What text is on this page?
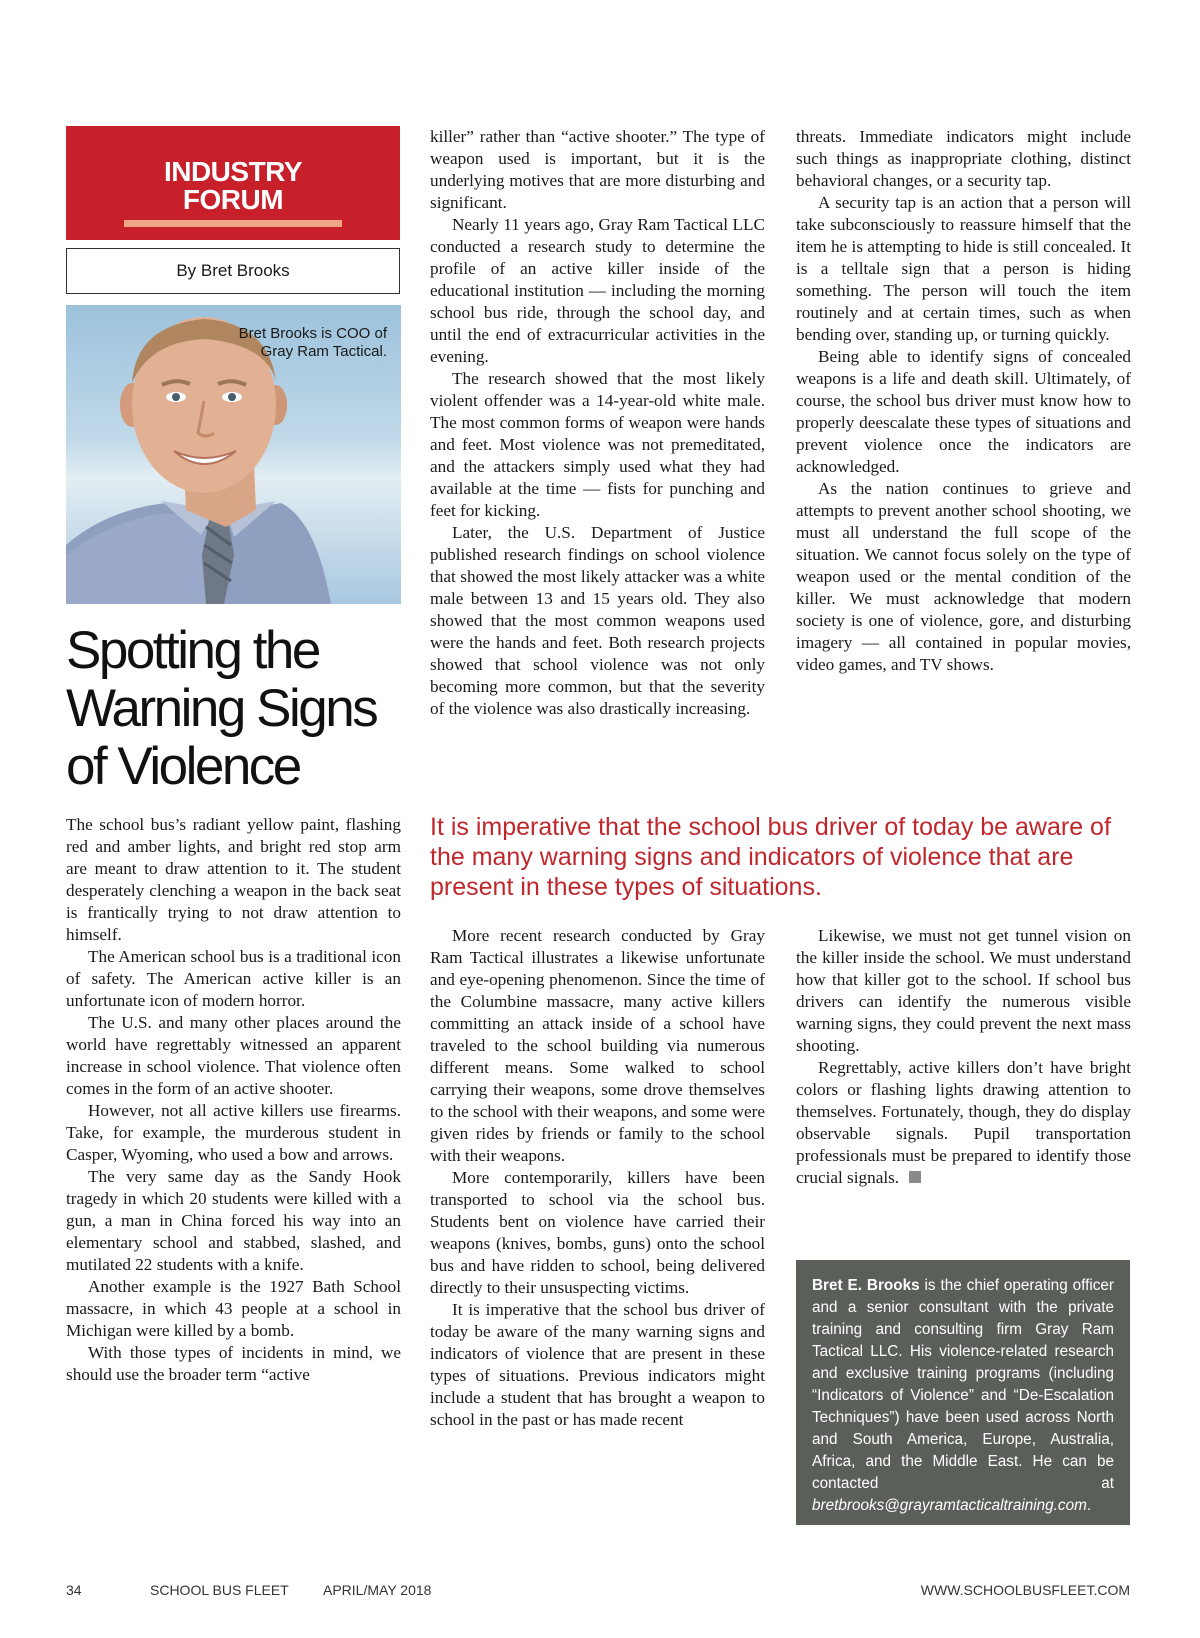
INDUSTRY
FORUM
By Bret Brooks
Bret Brooks is COO of Gray Ram Tactical.
Spotting the Warning Signs of Violence

The school bus’s radiant yellow paint, flashing red and amber lights, and bright red stop arm are meant to draw attention to it. The student desperately clenching a weapon in the back seat is frantically trying to not draw attention to himself.

The American school bus is a traditional icon of safety. The American active killer is an unfortunate icon of modern horror.

The U.S. and many other places around the world have regrettably witnessed an apparent increase in school violence. That violence often comes in the form of an active shooter.

However, not all active killers use firearms. Take, for example, the murderous student in Casper, Wyoming, who used a bow and arrows.

The very same day as the Sandy Hook tragedy in which 20 students were killed with a gun, a man in China forced his way into an elementary school and stabbed, slashed, and mutilated 22 students with a knife.

Another example is the 1927 Bath School massacre, in which 43 people at a school in Michigan were killed by a bomb.

With those types of incidents in mind, we should use the broader term “active

killer” rather than “active shooter.” The type of weapon used is important, but it is the underlying motives that are more disturbing and significant.

Nearly 11 years ago, Gray Ram Tactical LLC conducted a research study to determine the profile of an active killer inside of the educational institution — including the morning school bus ride, through the school day, and until the end of extracurricular activities in the evening.

The research showed that the most likely violent offender was a 14-year-old white male. The most common forms of weapon were hands and feet. Most violence was not premeditated, and the attackers simply used what they had available at the time — fists for punching and feet for kicking.

Later, the U.S. Department of Justice published research findings on school violence that showed the most likely attacker was a white male between 13 and 15 years old. They also showed that the most common weapons used were the hands and feet. Both research projects showed that school violence was not only becoming more common, but that the severity of the violence was also drastically increasing.

threats. Immediate indicators might include such things as inappropriate clothing, distinct behavioral changes, or a security tap.

A security tap is an action that a person will take subconsciously to reassure himself that the item he is attempting to hide is still concealed. It is a telltale sign that a person is hiding something. The person will touch the item routinely and at certain times, such as when bending over, standing up, or turning quickly.

Being able to identify signs of concealed weapons is a life and death skill. Ultimately, of course, the school bus driver must know how to properly deescalate these types of situations and prevent violence once the indicators are acknowledged.

As the nation continues to grieve and attempts to prevent another school shooting, we must all understand the full scope of the situation. We cannot focus solely on the type of weapon used or the mental condition of the killer. We must acknowledge that modern society is one of violence, gore, and disturbing imagery — all contained in popular movies, video games, and TV shows.

It is imperative that the school bus driver of today be aware of the many warning signs and indicators of violence that are present in these types of situations.

More recent research conducted by Gray Ram Tactical illustrates a likewise unfortunate and eye-opening phenomenon. Since the time of the Columbine massacre, many active killers committing an attack inside of a school have traveled to the school building via numerous different means. Some walked to school carrying their weapons, some drove themselves to the school with their weapons, and some were given rides by friends or family to the school with their weapons.

More contemporarily, killers have been transported to school via the school bus. Students bent on violence have carried their weapons (knives, bombs, guns) onto the school bus and have ridden to school, being delivered directly to their unsuspecting victims.

It is imperative that the school bus driver of today be aware of the many warning signs and indicators of violence that are present in these types of situations. Previous indicators might include a student that has brought a weapon to school in the past or has made recent

Likewise, we must not get tunnel vision on the killer inside the school. We must understand how that killer got to the school. If school bus drivers can identify the numerous visible warning signs, they could prevent the next mass shooting.

Regrettably, active killers don’t have bright colors or flashing lights drawing attention to themselves. Fortunately, though, they do display observable signals. Pupil transportation professionals must be prepared to identify those crucial signals.

Bret E. Brooks is the chief operating officer and a senior consultant with the private training and consulting firm Gray Ram Tactical LLC. His violence-related research and exclusive training programs (including “Indicators of Violence” and “De-Escalation Techniques”) have been used across North and South America, Europe, Australia, Africa, and the Middle East. He can be contacted at bretbrooks@grayramtacticaltraining.com.
34	SCHOOL BUS FLEET APRIL/MAY 2018	WWW.SCHOOLBUSFLEET.COM
